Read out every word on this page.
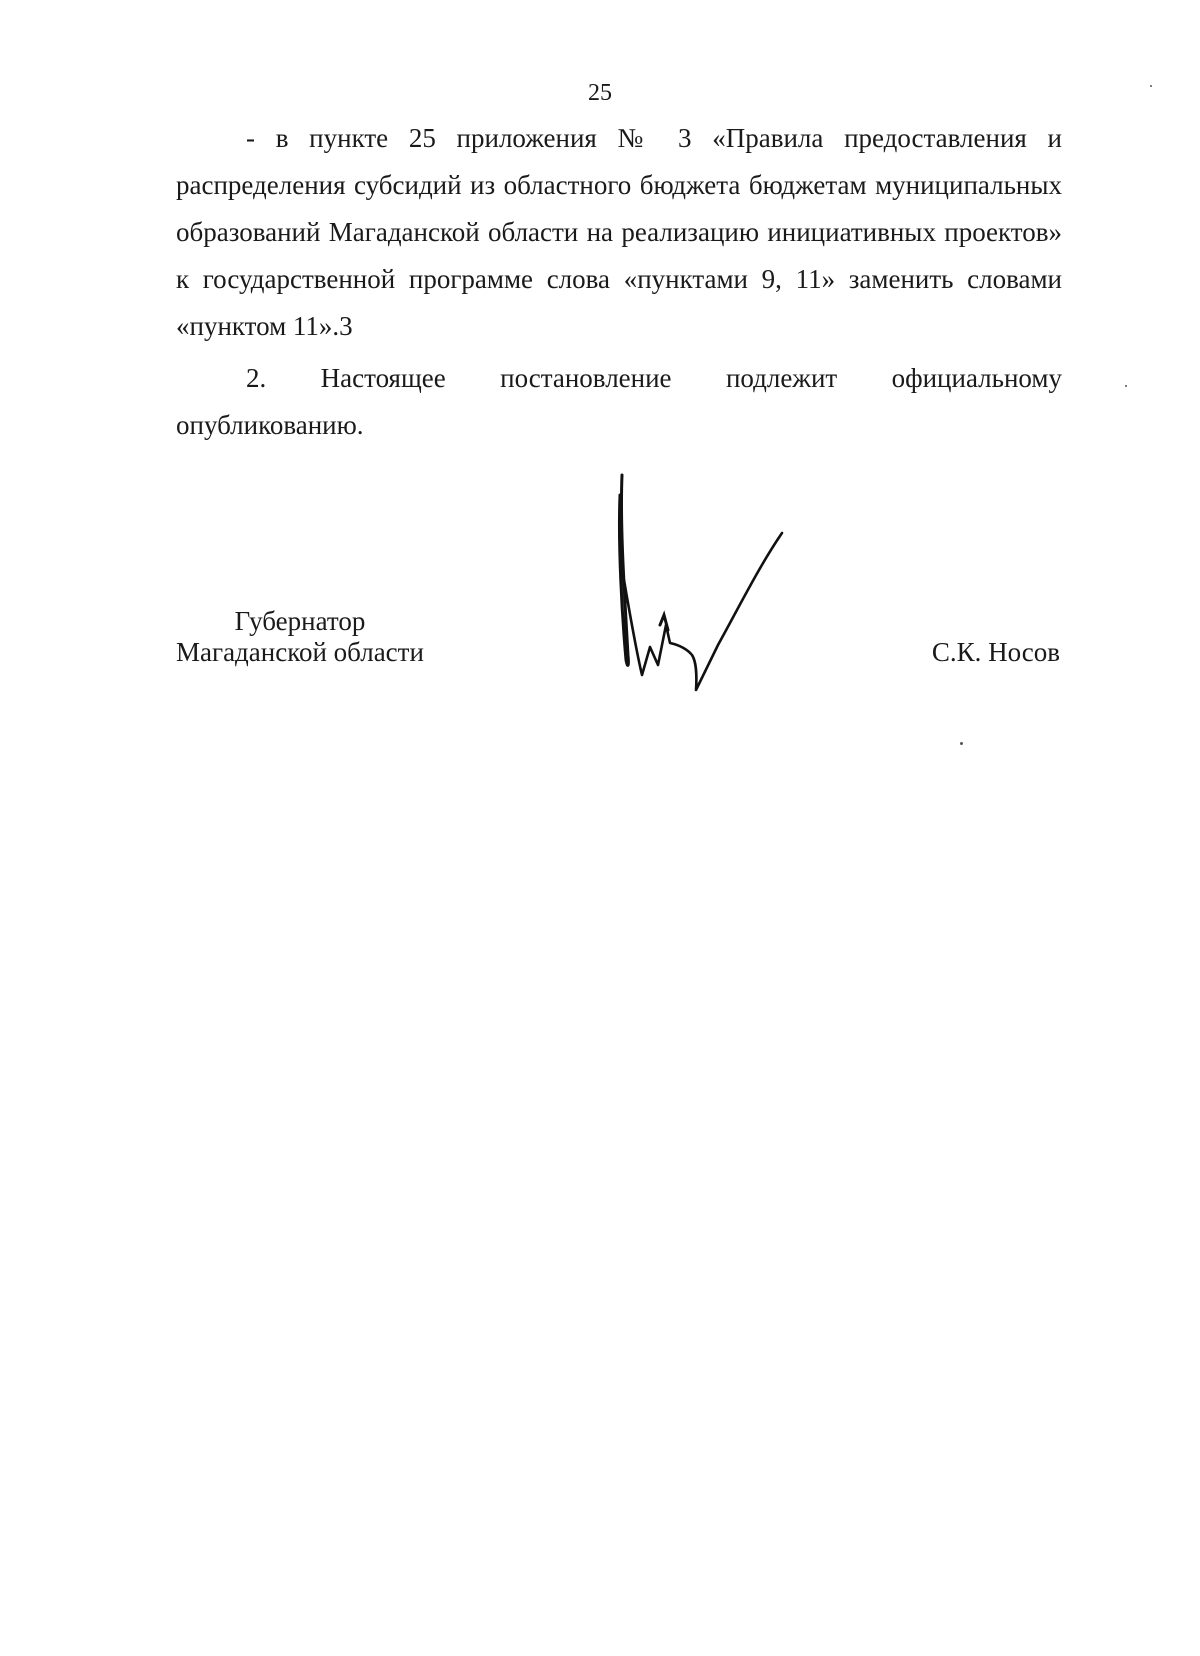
25

- в пункте 25 приложения № 3 «Правила предоставления и распределения субсидий из областного бюджета бюджетам муниципальных образований Магаданской области на реализацию инициативных проектов» к государственной программе слова «пунктами 9, 11» заменить словами «пунктом 11».3

2. Настоящее постановление подлежит официальному опубликованию.

Губернатор
Магаданской области	С.К. Носов
